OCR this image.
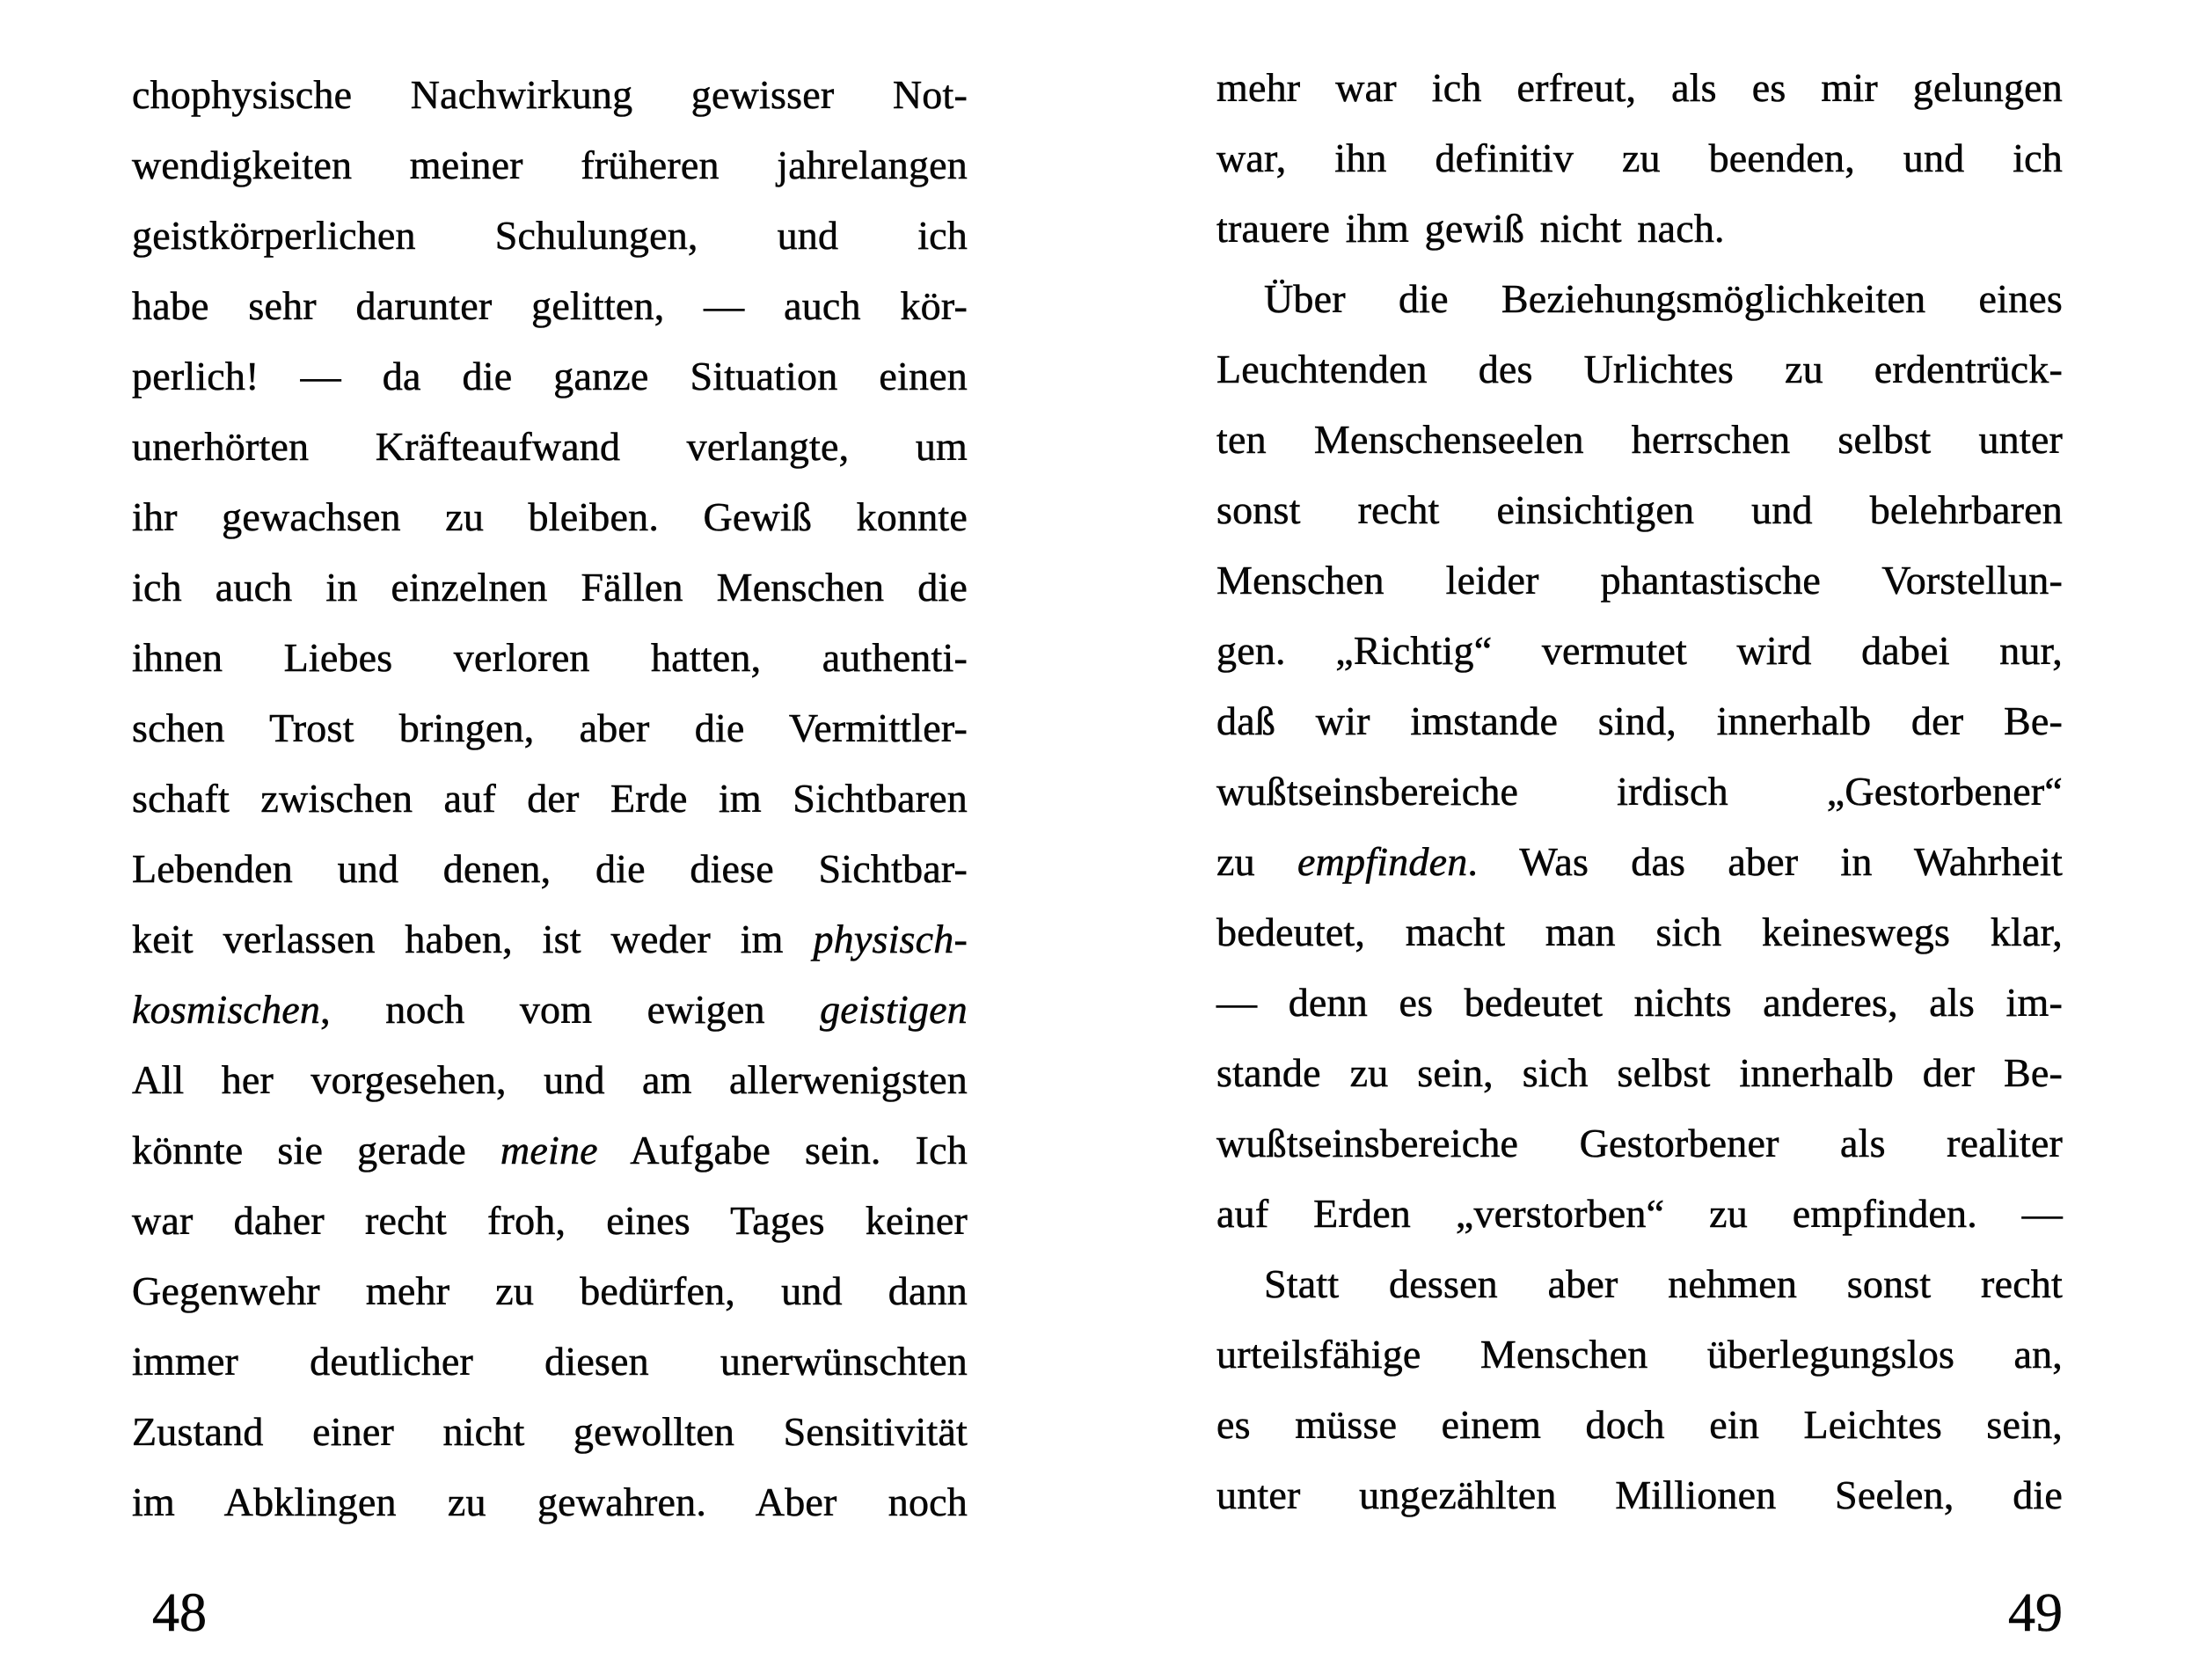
chophysische Nachwirkung gewisser Not-
wendigkeiten meiner früheren jahrelangen
geistkörperlichen Schulungen, und ich
habe sehr darunter gelitten, — auch kör-
perlich! — da die ganze Situation einen
unerhörten Kräfteaufwand verlangte, um
ihr gewachsen zu bleiben. Gewiß konnte
ich auch in einzelnen Fällen Menschen die
ihnen Liebes verloren hatten, authenti-
schen Trost bringen, aber die Vermittler-
schaft zwischen auf der Erde im Sichtbaren
Lebenden und denen, die diese Sichtbar-
keit verlassen haben, ist weder im physisch-
kosmischen, noch vom ewigen geistigen
All her vorgesehen, und am allerwenigsten
könnte sie gerade meine Aufgabe sein. Ich
war daher recht froh, eines Tages keiner
Gegenwehr mehr zu bedürfen, und dann
immer deutlicher diesen unerwünschten
Zustand einer nicht gewollten Sensitivität
im Abklingen zu gewahren. Aber noch
mehr war ich erfreut, als es mir gelungen
war, ihn definitiv zu beenden, und ich
trauere ihm gewiß nicht nach.
Über die Beziehungsmöglichkeiten eines
Leuchtenden des Urlichtes zu erdentrück-
ten Menschenseelen herrschen selbst unter
sonst recht einsichtigen und belehrbaren
Menschen leider phantastische Vorstellun-
gen. „Richtig“ vermutet wird dabei nur,
daß wir imstande sind, innerhalb der Be-
wußtseinsbereiche irdisch „Gestorbener“
zu empfinden. Was das aber in Wahrheit
bedeutet, macht man sich keineswegs klar,
— denn es bedeutet nichts anderes, als im-
stande zu sein, sich selbst innerhalb der Be-
wußtseinsbereiche Gestorbener als realiter
auf Erden „verstorben“ zu empfinden. —
Statt dessen aber nehmen sonst recht
urteilsfähige Menschen überlegungslos an,
es müsse einem doch ein Leichtes sein,
unter ungezählten Millionen Seelen, die
48	49
